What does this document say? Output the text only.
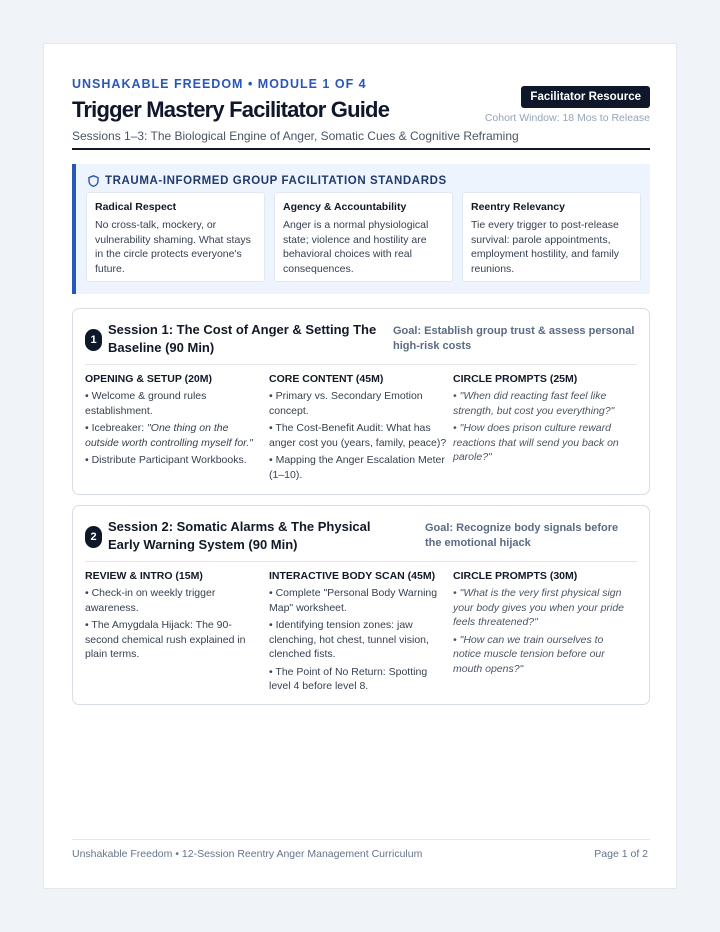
UNSHAKABLE FREEDOM • MODULE 1 OF 4
Trigger Mastery Facilitator Guide
Sessions 1–3: The Biological Engine of Anger, Somatic Cues & Cognitive Reframing
Facilitator Resource
Cohort Window: 18 Mos to Release
TRAUMA-INFORMED GROUP FACILITATION STANDARDS
Radical Respect

No cross-talk, mockery, or vulnerability shaming. What stays in the circle protects everyone's future.

Agency & Accountability

Anger is a normal physiological state; violence and hostility are behavioral choices with real consequences.

Reentry Relevancy

Tie every trigger to post-release survival: parole appointments, employment hostility, and family reunions.

1
Session 1: The Cost of Anger & Setting The Baseline (90 Min)
Goal: Establish group trust & assess personal high-risk costs
OPENING & SETUP (20M)
• Welcome & ground rules establishment.
• Icebreaker: "One thing on the outside worth controlling myself for."
• Distribute Participant Workbooks.
CORE CONTENT (45M)
• Primary vs. Secondary Emotion concept.
• The Cost-Benefit Audit: What has anger cost you (years, family, peace)?
• Mapping the Anger Escalation Meter (1–10).
CIRCLE PROMPTS (25M)
• "When did reacting fast feel like strength, but cost you everything?"
• "How does prison culture reward reactions that will send you back on parole?"
2
Session 2: Somatic Alarms & The Physical Early Warning System (90 Min)
Goal: Recognize body signals before the emotional hijack
REVIEW & INTRO (15M)
• Check-in on weekly trigger awareness.
• The Amygdala Hijack: The 90-second chemical rush explained in plain terms.
INTERACTIVE BODY SCAN (45M)
• Complete "Personal Body Warning Map" worksheet.
• Identifying tension zones: jaw clenching, hot chest, tunnel vision, clenched fists.
• The Point of No Return: Spotting level 4 before level 8.
CIRCLE PROMPTS (30M)
• "What is the very first physical sign your body gives you when your pride feels threatened?"
• "How can we train ourselves to notice muscle tension before our mouth opens?"
Unshakable Freedom • 12-Session Reentry Anger Management Curriculum	Page 1 of 2
